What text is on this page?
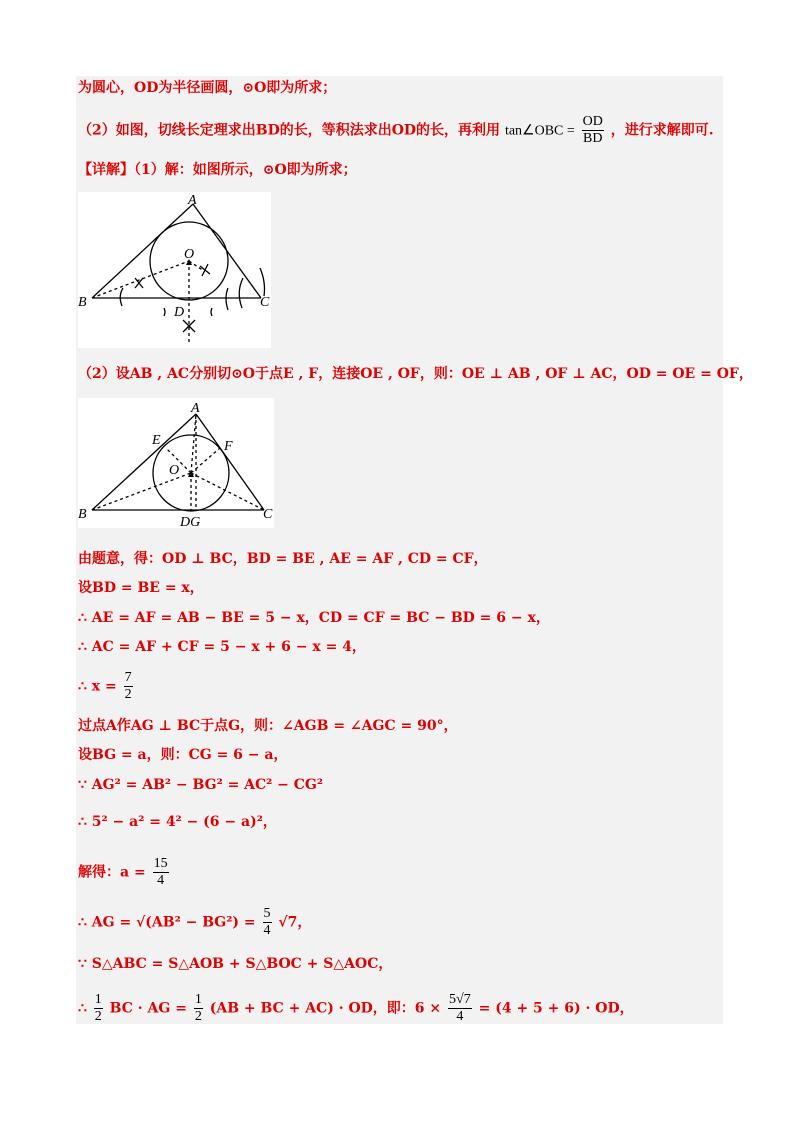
为圆心，OD为半径画圆，⊙O即为所求；
（2）如图，切线长定理求出BD的长，等积法求出OD的长，再利用 tan∠OBC = $\frac{OD}{BD}$ ，进行求解即可.
【详解】（1）解：如图所示，⊙O即为所求；
A
B	C
O
D
（2）设AB , AC分别切⊙O于点E , F，连接OE , OF，则：OE ⊥ AB , OF ⊥ AC，OD = OE = OF，
A
B	C
O
E	F
DG
由题意，得：OD ⊥ BC，BD = BE , AE = AF , CD = CF，
设BD = BE = x，
∴ AE = AF = AB − BE = 5 − x，CD = CF = BC − BD = 6 − x，
∴ AC = AF + CF = 5 − x + 6 − x = 4，
∴ $x = \frac{7}{2}$
过点A作AG ⊥ BC于点G，则：∠AGB = ∠AGC = 90°，
设BG = a，则：CG = 6 − a，
∵ AG² = AB² − BG² = AC² − CG²
∴ 5² − a² = 4² − (6 − a)²，
解得：$a = \frac{15}{4}$
∴ AG = $√(AB^2 - BG^2) = \frac{5}{4} √7$，
∵ S△ABC = S△AOB + S△BOC + S△AOC，
∴ $\frac{1}{2}$ BC · AG = $\frac{1}{2} (AB$ + BC + AC) · OD，即：$6 \times \frac{5√7}{4} = (4 + 5 + 6)$ · OD，
